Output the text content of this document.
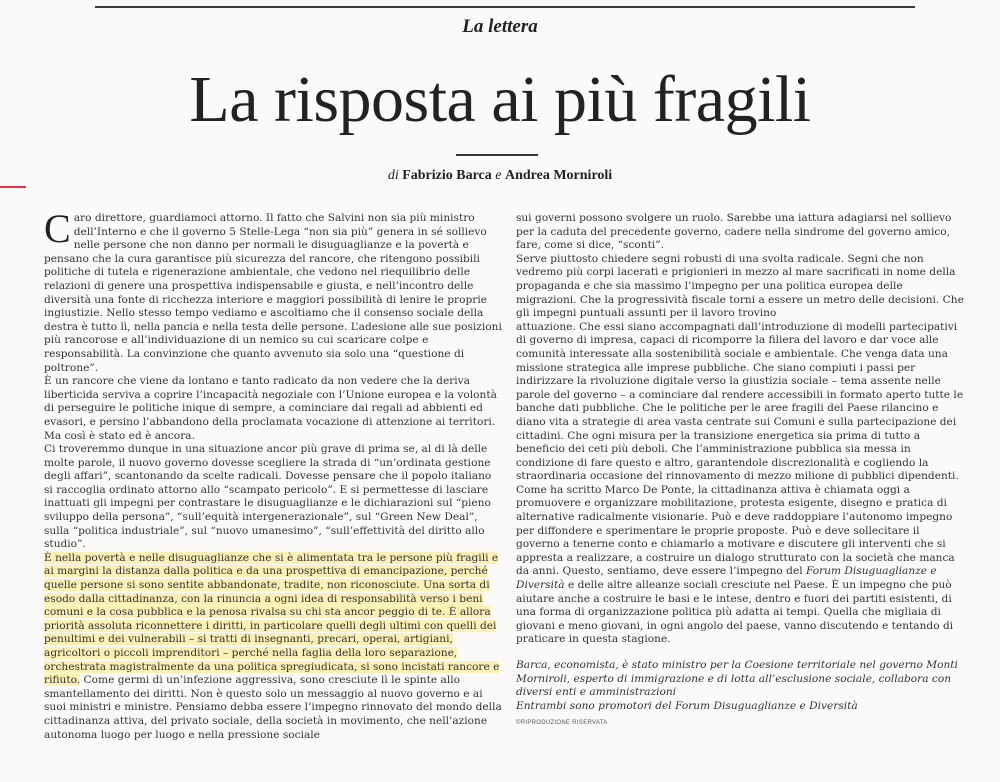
La lettera
La risposta ai più fragili
di Fabrizio Barca e Andrea Morniroli

Caro direttore, guardiamoci attorno. Il fatto che Salvini non sia più ministro dell’Interno e che il governo 5 Stelle-Lega “non sia più” genera in sé sollievo nelle persone che non danno per normali le disuguaglianze e la povertà e pensano che la cura garantisce più sicurezza del rancore, che ritengono possibili politiche di tutela e rigenerazione ambientale, che vedono nel riequilibrio delle relazioni di genere una prospettiva indispensabile e giusta, e nell’incontro delle diversità una fonte di ricchezza interiore e maggiori possibilità di lenire le proprie ingiustizie. Nello stesso tempo vediamo e ascoltiamo che il consenso sociale della destra è tutto lì, nella pancia e nella testa delle persone. L’adesione alle sue posizioni più rancorose e all’individuazione di un nemico su cui scaricare colpe e responsabilità. La convinzione che quanto avvenuto sia solo una “questione di poltrone”.

È un rancore che viene da lontano e tanto radicato da non vedere che la deriva liberticida serviva a coprire l’incapacità negoziale con l’Unione europea e la volontà di perseguire le politiche inique di sempre, a cominciare dai regali ad abbienti ed evasori, e persino l’abbandono della proclamata vocazione di attenzione ai territori. Ma così è stato ed è ancora.

Ci troveremmo dunque in una situazione ancor più grave di prima se, al di là delle molte parole, il nuovo governo dovesse scegliere la strada di “un’ordinata gestione degli affari”, scantonando da scelte radicali. Dovesse pensare che il popolo italiano si raccoglia ordinato attorno allo “scampato pericolo”. E si permettesse di lasciare inattuati gli impegni per contrastare le disuguaglianze e le dichiarazioni sul “pieno sviluppo della persona”, “sull’equità intergenerazionale”, sul “Green New Deal”, sulla “politica industriale”, sul “nuovo umanesimo”, “sull’effettività del diritto allo studio”.

È nella povertà e nelle disuguaglianze che si è alimentata tra le persone più fragili e ai margini la distanza dalla politica e da una prospettiva di emancipazione, perché quelle persone si sono sentite abbandonate, tradite, non riconosciute. Una sorta di esodo dalla cittadinanza, con la rinuncia a ogni idea di responsabilità verso i beni comuni e la cosa pubblica e la penosa rivalsa su chi sta ancor peggio di te. È allora priorità assoluta riconnettere i diritti, in particolare quelli degli ultimi con quelli dei penultimi e dei vulnerabili – si tratti di insegnanti, precari, operai, artigiani, agricoltori o piccoli imprenditori – perché nella faglia della loro separazione, orchestrata magistralmente da una politica spregiudicata, si sono incistati rancore e rifiuto. Come germi di un’infezione aggressiva, sono cresciute lì le spinte allo smantellamento dei diritti. Non è questo solo un messaggio al nuovo governo e ai suoi ministri e ministre. Pensiamo debba essere l’impegno rinnovato del mondo della cittadinanza attiva, del privato sociale, della società in movimento, che nell’azione autonoma luogo per luogo e nella pressione sociale

sui governi possono svolgere un ruolo. Sarebbe una iattura adagiarsi nel sollievo per la caduta del precedente governo, cadere nella sindrome del governo amico, fare, come si dice, “sconti”.

Serve piuttosto chiedere segni robusti di una svolta radicale. Segni che non vedremo più corpi lacerati e prigionieri in mezzo al mare sacrificati in nome della propaganda e che sia massimo l’impegno per una politica europea delle migrazioni. Che la progressività fiscale torni a essere un metro delle decisioni. Che gli impegni puntuali assunti per il lavoro trovino

attuazione. Che essi siano accompagnati dall’introduzione di modelli partecipativi di governo di impresa, capaci di ricomporre la filiera del lavoro e dar voce alle comunità interessate alla sostenibilità sociale e ambientale. Che venga data una missione strategica alle imprese pubbliche. Che siano compiuti i passi per indirizzare la rivoluzione digitale verso la giustizia sociale – tema assente nelle parole del governo – a cominciare dal rendere accessibili in formato aperto tutte le banche dati pubbliche. Che le politiche per le aree fragili del Paese rilancino e diano vita a strategie di area vasta centrate sui Comuni e sulla partecipazione dei cittadini. Che ogni misura per la transizione energetica sia prima di tutto a beneficio dei ceti più deboli. Che l’amministrazione pubblica sia messa in condizione di fare questo e altro, garantendole discrezionalità e cogliendo la straordinaria occasione del rinnovamento di mezzo milione di pubblici dipendenti.

Come ha scritto Marco De Ponte, la cittadinanza attiva è chiamata oggi a promuovere e organizzare mobilitazione, protesta esigente, disegno e pratica di alternative radicalmente visionarie. Può e deve raddoppiare l’autonomo impegno per diffondere e sperimentare le proprie proposte. Può e deve sollecitare il governo a tenerne conto e chiamarlo a motivare e discutere gli interventi che si appresta a realizzare, a costruire un dialogo strutturato con la società che manca da anni. Questo, sentiamo, deve essere l’impegno del Forum Disuguaglianze e Diversità e delle altre alleanze sociali cresciute nel Paese. È un impegno che può aiutare anche a costruire le basi e le intese, dentro e fuori dei partiti esistenti, di una forma di organizzazione politica più adatta ai tempi. Quella che migliaia di giovani e meno giovani, in ogni angolo del paese, vanno discutendo e tentando di praticare in questa stagione.

Barca, economista, è stato ministro per la Coesione territoriale nel governo Monti

Morniroli, esperto di immigrazione e di lotta all’esclusione sociale, collabora con diversi enti e amministrazioni

Entrambi sono promotori del Forum Disuguaglianze e Diversità

©RIPRODUZIONE RISERVATA
